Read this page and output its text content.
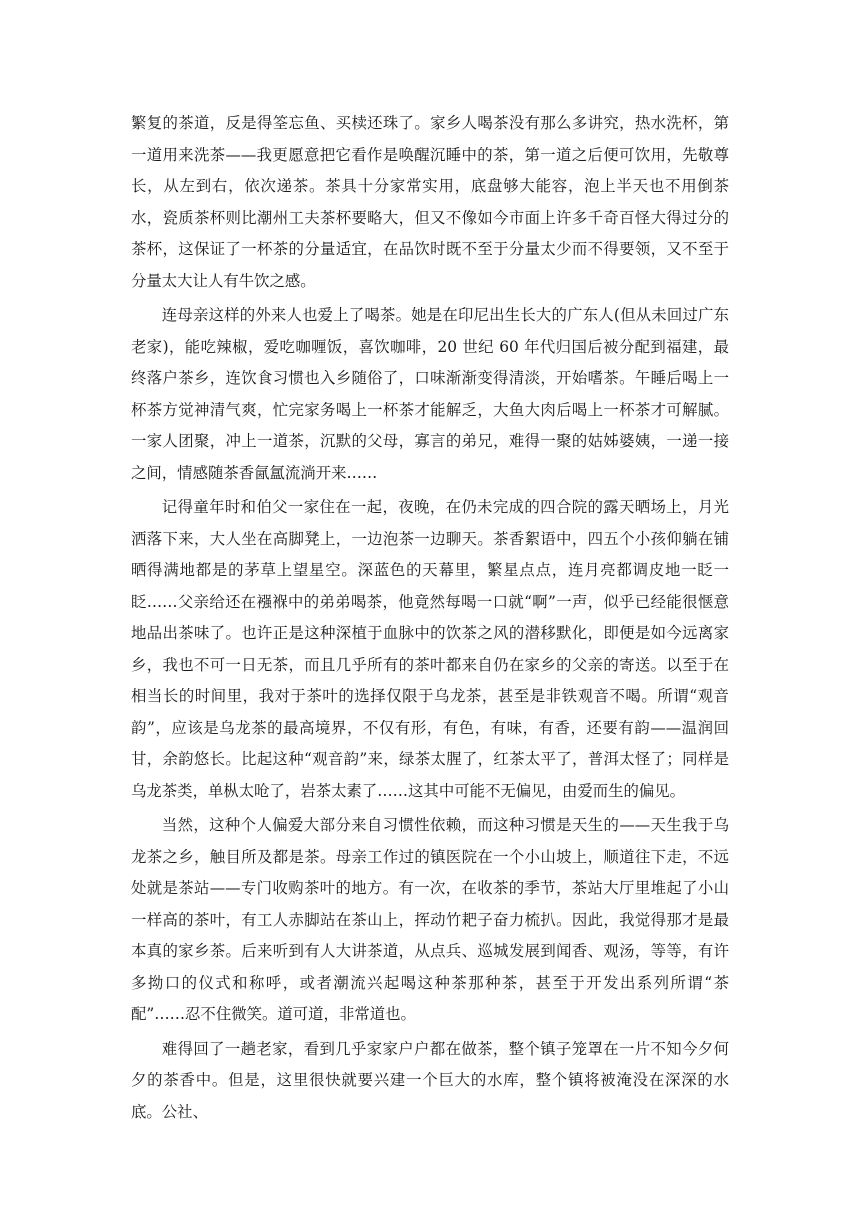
繁复的茶道，反是得筌忘鱼、买椟还珠了。家乡人喝茶没有那么多讲究，热水洗杯，第一道用来洗茶——我更愿意把它看作是唤醒沉睡中的茶，第一道之后便可饮用，先敬尊长，从左到右，依次递茶。茶具十分家常实用，底盘够大能容，泡上半天也不用倒茶水，瓷质茶杯则比潮州工夫茶杯要略大，但又不像如今市面上许多千奇百怪大得过分的茶杯，这保证了一杯茶的分量适宜，在品饮时既不至于分量太少而不得要领，又不至于分量太大让人有牛饮之感。

连母亲这样的外来人也爱上了喝茶。她是在印尼出生长大的广东人(但从未回过广东老家)，能吃辣椒，爱吃咖喱饭，喜饮咖啡，20 世纪 60 年代归国后被分配到福建，最终落户茶乡，连饮食习惯也入乡随俗了，口味渐渐变得清淡，开始嗜茶。午睡后喝上一杯茶方觉神清气爽，忙完家务喝上一杯茶才能解乏，大鱼大肉后喝上一杯茶才可解腻。一家人团聚，冲上一道茶，沉默的父母，寡言的弟兄，难得一聚的姑姊婆姨，一递一接之间，情感随茶香氤氲流淌开来……

记得童年时和伯父一家住在一起，夜晚，在仍未完成的四合院的露天晒场上，月光洒落下来，大人坐在高脚凳上，一边泡茶一边聊天。茶香絮语中，四五个小孩仰躺在铺晒得满地都是的茅草上望星空。深蓝色的天幕里，繁星点点，连月亮都调皮地一眨一眨……父亲给还在襁褓中的弟弟喝茶，他竟然每喝一口就“啊”一声，似乎已经能很惬意地品出茶味了。也许正是这种深植于血脉中的饮茶之风的潜移默化，即便是如今远离家乡，我也不可一日无茶，而且几乎所有的茶叶都来自仍在家乡的父亲的寄送。以至于在相当长的时间里，我对于茶叶的选择仅限于乌龙茶，甚至是非铁观音不喝。所谓“观音韵”，应该是乌龙茶的最高境界，不仅有形，有色，有味，有香，还要有韵——温润回甘，余韵悠长。比起这种“观音韵”来，绿茶太腥了，红茶太平了，普洱太怪了；同样是乌龙茶类，单枞太呛了，岩茶太素了……这其中可能不无偏见，由爱而生的偏见。

当然，这种个人偏爱大部分来自习惯性依赖，而这种习惯是天生的——天生我于乌龙茶之乡，触目所及都是茶。母亲工作过的镇医院在一个小山坡上，顺道往下走，不远处就是茶站——专门收购茶叶的地方。有一次，在收茶的季节，茶站大厅里堆起了小山一样高的茶叶，有工人赤脚站在茶山上，挥动竹耙子奋力梳扒。因此，我觉得那才是最本真的家乡茶。后来听到有人大讲茶道，从点兵、巡城发展到闻香、观汤，等等，有许多拗口的仪式和称呼，或者潮流兴起喝这种茶那种茶，甚至于开发出系列所谓“茶配”……忍不住微笑。道可道，非常道也。

难得回了一趟老家，看到几乎家家户户都在做茶，整个镇子笼罩在一片不知今夕何夕的茶香中。但是，这里很快就要兴建一个巨大的水库，整个镇将被淹没在深深的水底。公社、
